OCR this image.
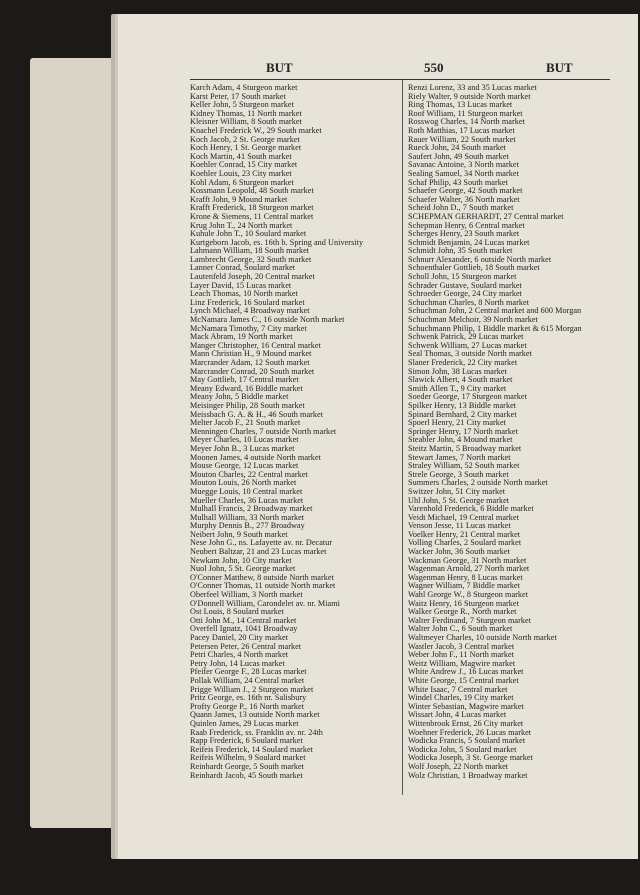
BUT	550	BUT
Karch Adam, 4 Sturgeon market
Karst Peter, 17 South market
Keller John, 5 Sturgeon market
Kidney Thomas, 11 North market
Kleisner William, 8 South market
Knachel Frederick W., 29 South market
Koch Jacob, 2 St. George market
Koch Henry, 1 St. George market
Koch Martin, 41 South market
Koehler Conrad, 15 City market
Koehler Louis, 23 City market
Kohl Adam, 6 Sturgeon market
Kossmann Leopold, 48 South market
Krafft John, 9 Mound market
Krafft Frederick, 18 Sturgeon market
Krone & Siemens, 11 Central market
Krug John T., 24 North market
Kuhule John T., 10 Soulard market
Kurtgeborn Jacob, es. 16th b. Spring and University
Lahmann William, 18 South market
Lambrecht George, 32 South market
Lanner Conrad, Soulard market
Lautenfeld Joseph, 20 Central market
Layer David, 15 Lucas market
Leach Thomas, 10 North market
Linz Frederick, 16 Soulard market
Lynch Michael, 4 Broadway market
McNamara James C., 16 outside North market
McNamara Timothy, 7 City market
Mack Abram, 19 North market
Manger Christopher, 16 Central market
Mann Christian H., 9 Mound market
Marcrander Adam, 12 South market
Marcrander Conrad, 20 South market
May Gottlieb, 17 Central market
Meany Edward, 16 Biddle market
Meany John, 5 Biddle market
Meisinger Philip, 28 South market
Meissbach G. A. & H., 46 South market
Melter Jacob F., 21 South market
Menningen Charles, 7 outside North market
Meyer Charles, 10 Lucas market
Meyer John B., 3 Lucas market
Moonen James, 4 outside North market
Mouse George, 12 Lucas market
Mouton Charles, 22 Central market
Mouton Louis, 26 North market
Muegge Louis, 10 Central market
Mueller Charles, 36 Lucas market
Mulhall Francis, 2 Broadway market
Mulhall William, 33 North market
Murphy Dennis B., 277 Broadway
Neibert John, 9 South market
Nese John G., ns. Lafayette av. nr. Decatur
Neubert Baltzar, 21 and 23 Lucas market
Newkam John, 10 City market
Nuol John, 5 St. George market
O'Conner Matthew, 8 outside North market
O'Conner Thomas, 11 outside North market
Oberfeel William, 3 North market
O'Donnell William, Carondelet av. nr. Miami
Ost Louis, 8 Soulard market
Otti John M., 14 Central market
Overfell Ignatz, 1041 Broadway
Pacey Daniel, 20 City market
Petersen Peter, 26 Central market
Petri Charles, 4 North market
Petry John, 14 Lucas market
Pfeifer George F., 28 Lucas market
Pollak William, 24 Central market
Prigge William J., 2 Sturgeon market
Pritz George, es. 16th nr. Salisbury
Profty George P., 16 North market
Quann James, 13 outside North market
Quinlen James, 29 Lucas market
Raab Frederick, ss. Franklin av. nr. 24th
Rapp Frederick, 6 Soulard market
Reifeis Frederick, 14 Soulard market
Reifeis Wilhelm, 9 Soulard market
Reinhardt George, 5 South market
Reinhardt Jacob, 45 South market
Renzi Lorenz, 33 and 35 Lucas market
Riely Walter, 9 outside North market
Ring Thomas, 13 Lucas market
Roof William, 11 Sturgeon market
Rosswog Charles, 14 North market
Roth Matthias, 17 Lucas market
Rauer William, 22 South market
Rueck John, 24 South market
Saufert John, 49 South market
Savanac Antoine, 3 North market
Sealing Samuel, 34 North market
Schaf Philip, 43 South market
Schaefer George, 42 South market
Schaefer Walter, 36 North market
Scheid John D., 7 South market
SCHEPMAN GERHARDT, 27 Central market
Schepman Henry, 6 Central market
Scherges Henry, 23 South market
Schmidt Benjamin, 24 Lucas market
Schmidt John, 35 South market
Schnurr Alexander, 6 outside North market
Schoenthaler Gottlieb, 18 South market
Scholl John, 15 Sturgeon market
Schrader Gustave, Soulard market
Schroeder George, 24 City market
Schuchman Charles, 8 North market
Schuchman John, 2 Central market and 600 Morgan
Schuchman Melchoir, 39 North market
Schuchmann Philip, 1 Biddle market & 615 Morgan
Schwenk Patrick, 29 Lucas market
Schwenk William, 27 Lucas market
Seal Thomas, 3 outside North market
Slaner Frederick, 22 City market
Simon John, 38 Lucas market
Slawick Albert, 4 South market
Smith Allen T., 9 City market
Soeder George, 17 Sturgeon market
Spilker Henry, 13 Biddle market
Spinard Bernhard, 2 City market
Spoerl Henry, 21 City market
Springer Henry, 17 North market
Steabler John, 4 Mound market
Steitz Martin, 5 Broadway market
Stewart James, 7 North market
Straley William, 52 South market
Strele George, 3 South market
Summers Charles, 2 outside North market
Switzer John, 51 City market
Uhl John, 5 St. George market
Varenhold Frederick, 6 Biddle market
Veidt Michael, 19 Central market
Venson Jesse, 11 Lucas market
Voelker Henry, 21 Central market
Volling Charles, 2 Soulard market
Wacker John, 36 South market
Wackman George, 31 North market
Wagenman Arnold, 27 North market
Wagenman Henry, 8 Lucas market
Wagner William, 7 Biddle market
Wahl George W., 8 Sturgeon market
Waitz Henry, 16 Sturgeon market
Walker George R., North market
Walter Ferdinand, 7 Sturgeon market
Walter John C., 6 South market
Waltmeyer Charles, 10 outside North market
Wastler Jacob, 3 Central market
Weber John F., 11 North market
Weitz William, Magwire market
White Andrew J., 16 Lucas market
White George, 15 Central market
White Isaac, 7 Central market
Windel Charles, 19 City market
Winter Sebastian, Magwire market
Wissart John, 4 Lucas market
Wittenbrook Ernst, 26 City market
Woehner Frederick, 26 Lucas market
Wodicka Francis, 5 Soulard market
Wodicka John, 5 Soulard market
Wodicka Joseph, 3 St. George market
Wolf Joseph, 22 North market
Wolz Christian, 1 Broadway market
